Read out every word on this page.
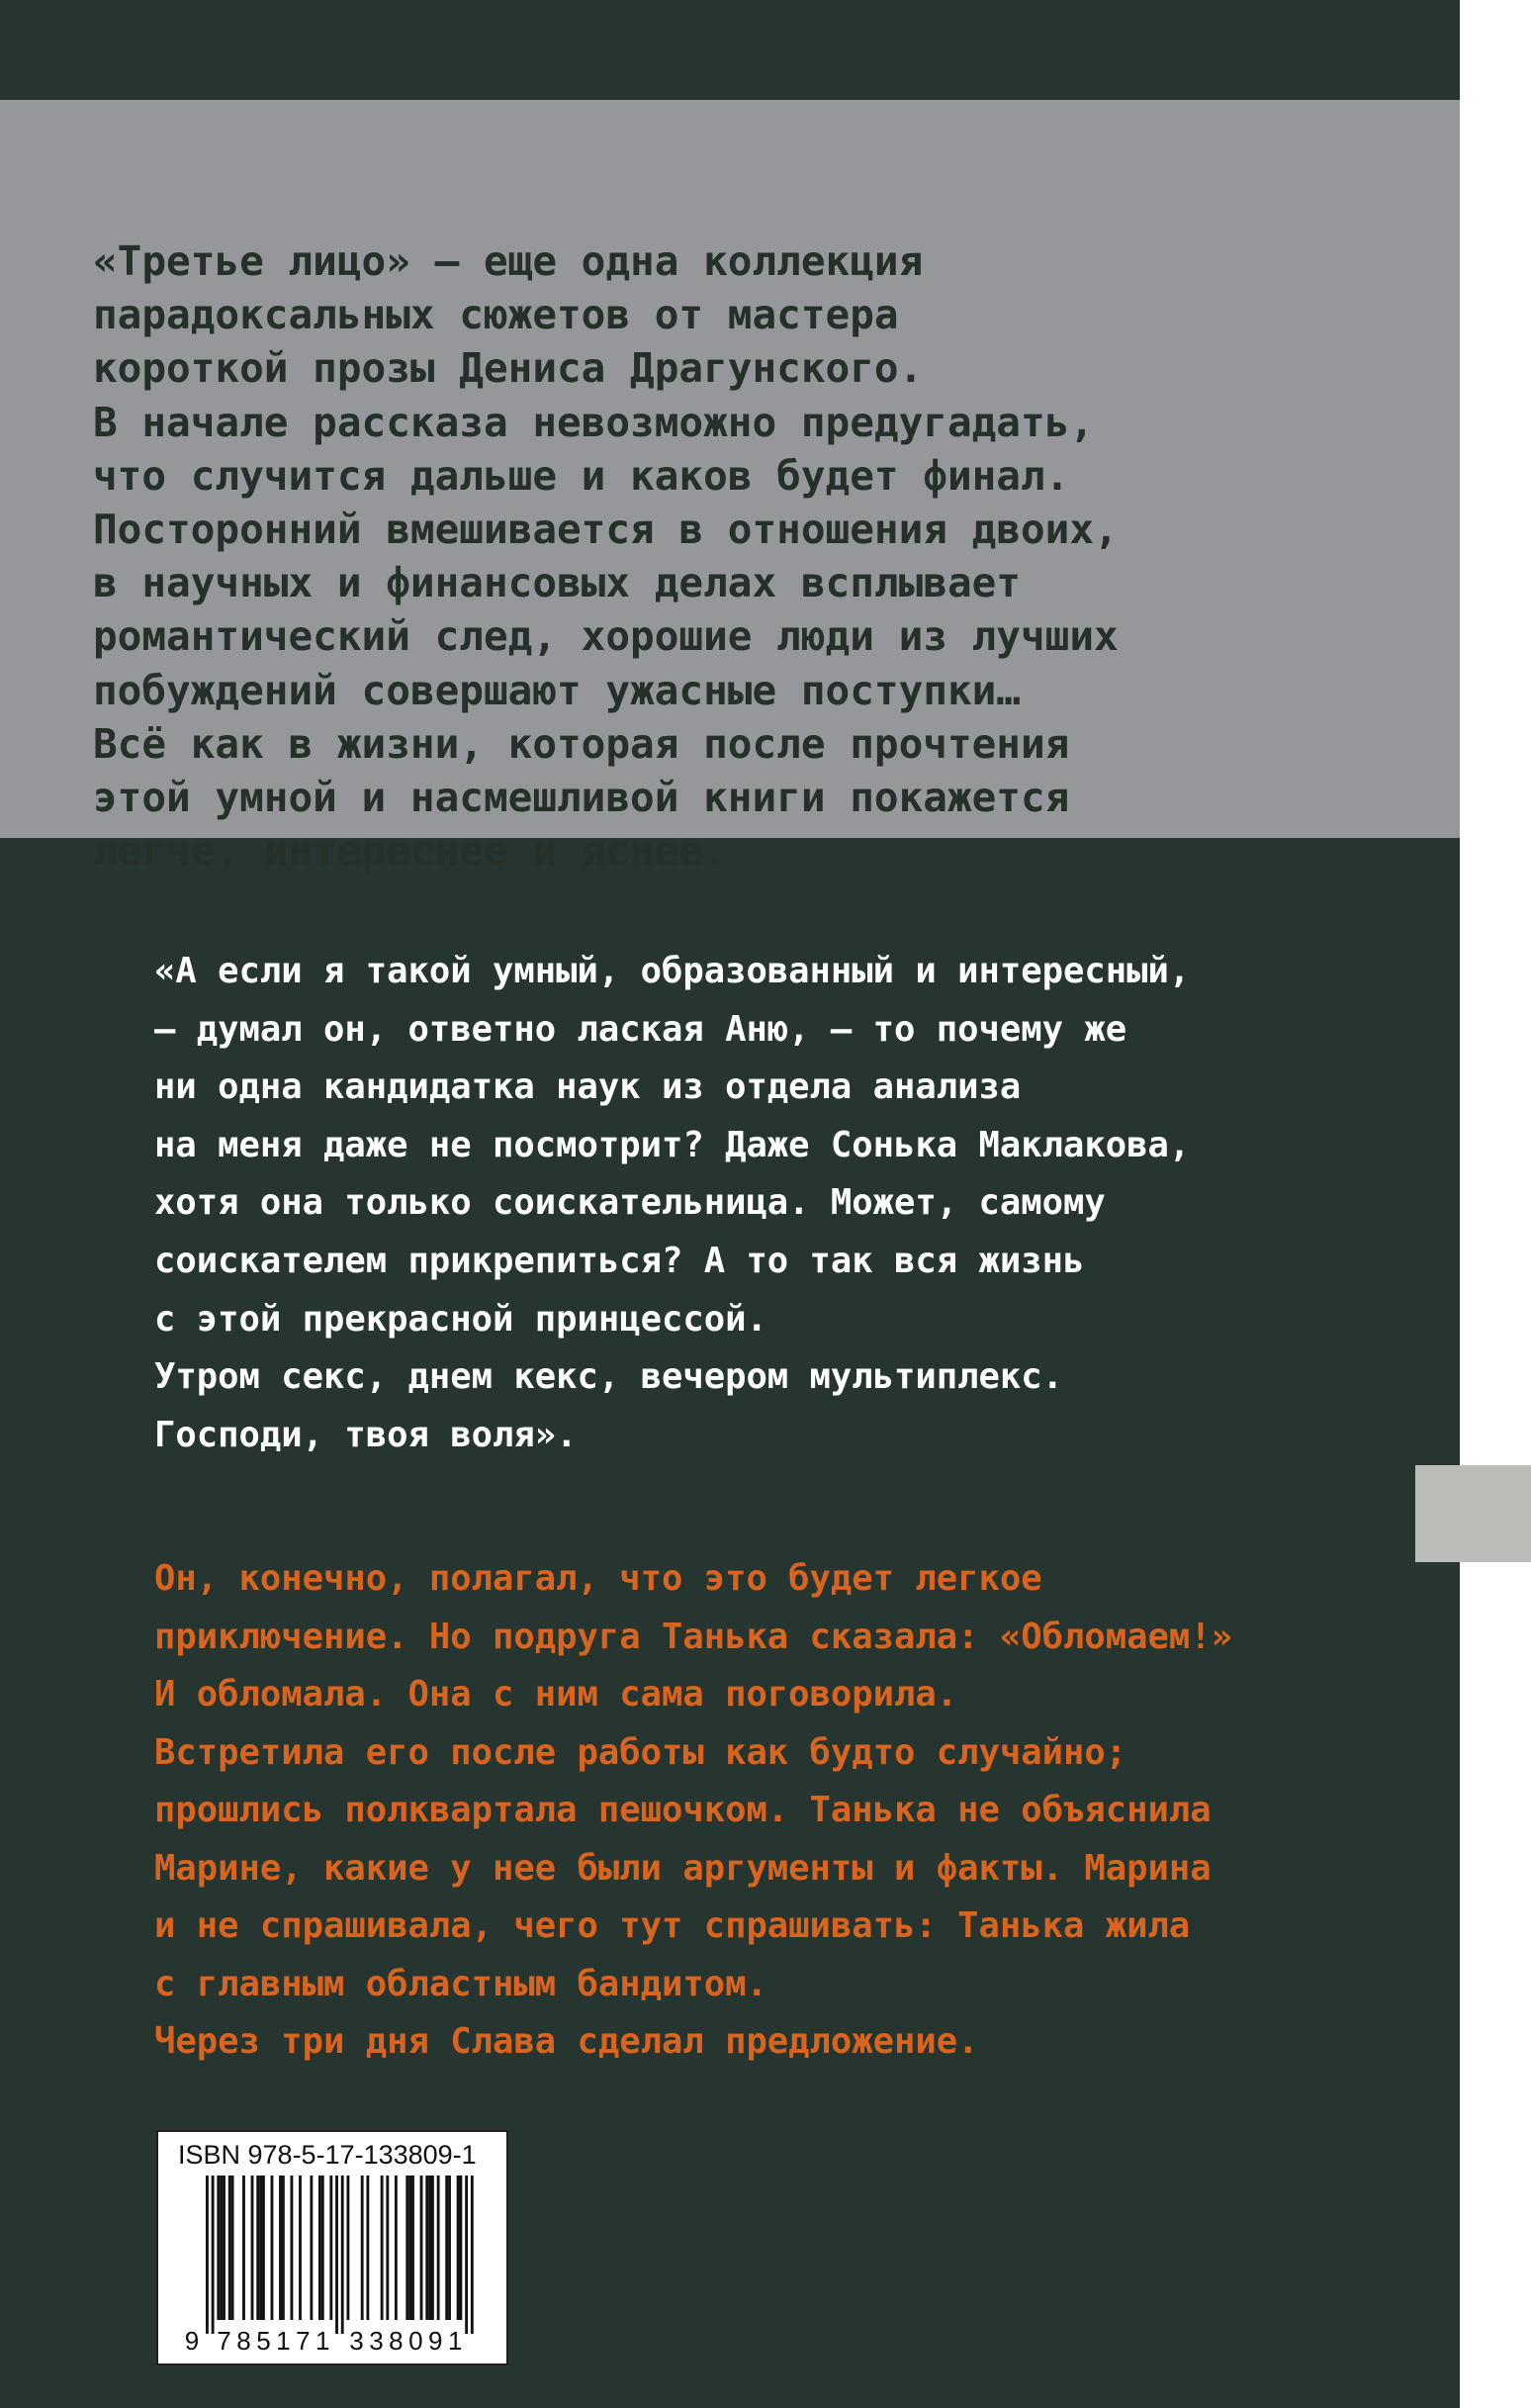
«Третье лицо» — еще одна коллекция
парадоксальных сюжетов от мастера
короткой прозы Дениса Драгунского.
В начале рассказа невозможно предугадать,
что случится дальше и каков будет финал.
Посторонний вмешивается в отношения двоих,
в научных и финансовых делах всплывает
романтический след, хорошие люди из лучших
побуждений совершают ужасные поступки…
Всё как в жизни, которая после прочтения
этой умной и насмешливой книги покажется
легче, интереснее и яснее.
«А если я такой умный, образованный и интересный,
— думал он, ответно лаская Аню, — то почему же
ни одна кандидатка наук из отдела анализа
на меня даже не посмотрит? Даже Сонька Маклакова,
хотя она только соискательница. Может, самому
соискателем прикрепиться? А то так вся жизнь
с этой прекрасной принцессой.
Утром секс, днем кекс, вечером мультиплекс.
Господи, твоя воля».
Он, конечно, полагал, что это будет легкое
приключение. Но подруга Танька сказала: «Обломаем!»
И обломала. Она с ним сама поговорила.
Встретила его после работы как будто случайно;
прошлись полквартала пешочком. Танька не объяснила
Марине, какие у нее были аргументы и факты. Марина
и не спрашивала, чего тут спрашивать: Танька жила
с главным областным бандитом.
Через три дня Слава сделал предложение.
ISBN 978-5-17-133809-1
9 7 8 5 1 7 1 3 3 8 0 9 1
